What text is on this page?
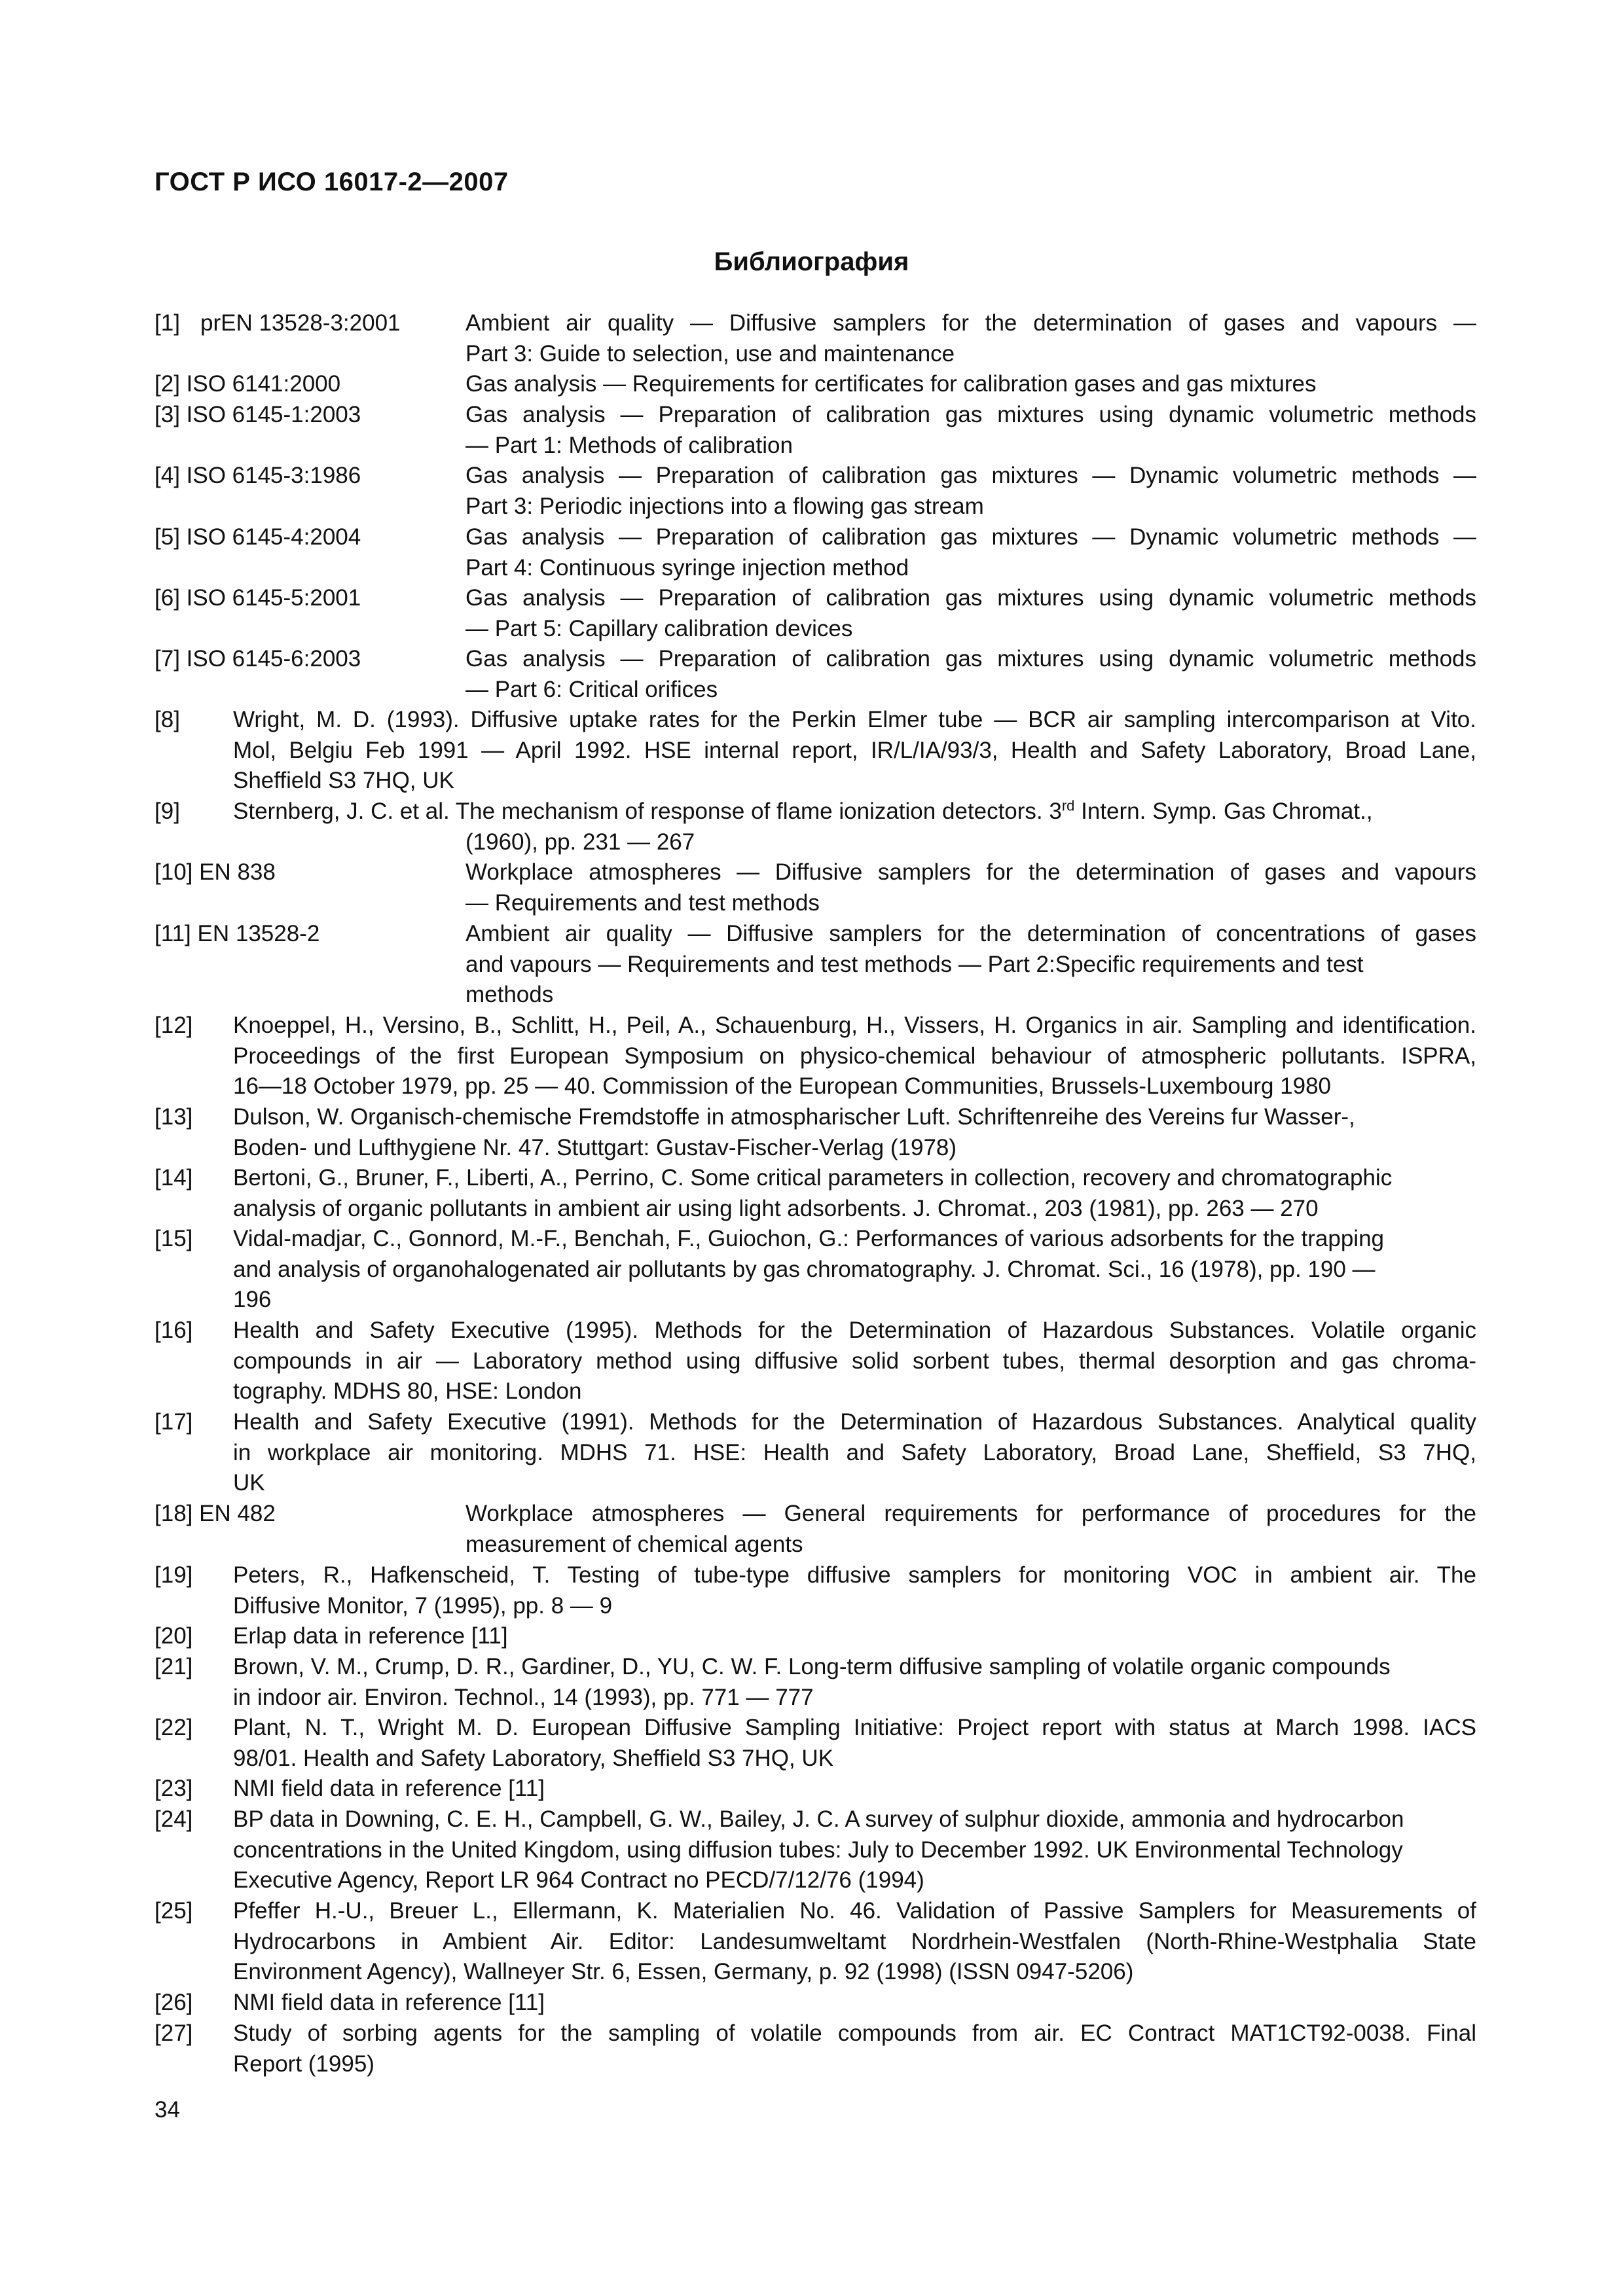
ГОСТ Р ИСО 16017-2—2007
Библиография
[1] prEN 13528-3:2001	Ambient air quality — Diffusive samplers for the determination of gases and vapours —
Part 3: Guide to selection, use and maintenance
[2] ISO 6141:2000	Gas analysis — Requirements for certificates for calibration gases and gas mixtures
[3] ISO 6145-1:2003	Gas analysis — Preparation of calibration gas mixtures using dynamic volumetric methods
— Part 1: Methods of calibration
[4] ISO 6145-3:1986	Gas analysis — Preparation of calibration gas mixtures — Dynamic volumetric methods —
Part 3: Periodic injections into a flowing gas stream
[5] ISO 6145-4:2004	Gas analysis — Preparation of calibration gas mixtures — Dynamic volumetric methods —
Part 4: Continuous syringe injection method
[6] ISO 6145-5:2001	Gas analysis — Preparation of calibration gas mixtures using dynamic volumetric methods
— Part 5: Capillary calibration devices
[7] ISO 6145-6:2003	Gas analysis — Preparation of calibration gas mixtures using dynamic volumetric methods
— Part 6: Critical orifices
[8] Wright, M. D. (1993). Diffusive uptake rates for the Perkin Elmer tube — BCR air sampling intercomparison at Vito.
Mol, Belgiu Feb 1991 — April 1992. HSE internal report, IR/L/IA/93/3, Health and Safety Laboratory, Broad Lane,
Sheffield S3 7HQ, UK
[9] Sternberg, J. C. et al. The mechanism of response of flame ionization detectors. 3rd Intern. Symp. Gas Chromat.,
(1960), pp. 231 — 267
[10] EN 838	Workplace atmospheres — Diffusive samplers for the determination of gases and vapours
— Requirements and test methods
[11] EN 13528-2	Ambient air quality — Diffusive samplers for the determination of concentrations of gases
and vapours — Requirements and test methods — Part 2:Specific requirements and test
methods
[12] Knoeppel, H., Versino, B., Schlitt, H., Peil, A., Schauenburg, H., Vissers, H. Organics in air. Sampling and identification.
Proceedings of the first European Symposium on physico-chemical behaviour of atmospheric pollutants. ISPRA,
16—18 October 1979, pp. 25 — 40. Commission of the European Communities, Brussels-Luxembourg 1980
[13] Dulson, W. Organisch-chemische Fremdstoffe in atmospharischer Luft. Schriftenreihe des Vereins fur Wasser-,
Boden- und Lufthygiene Nr. 47. Stuttgart: Gustav-Fischer-Verlag (1978)
[14] Bertoni, G., Bruner, F., Liberti, A., Perrino, C. Some critical parameters in collection, recovery and chromatographic
analysis of organic pollutants in ambient air using light adsorbents. J. Chromat., 203 (1981), pp. 263 — 270
[15] Vidal-madjar, C., Gonnord, M.-F., Benchah, F., Guiochon, G.: Performances of various adsorbents for the trapping
and analysis of organohalogenated air pollutants by gas chromatography. J. Chromat. Sci., 16 (1978), pp. 190 —
196
[16] Health and Safety Executive (1995). Methods for the Determination of Hazardous Substances. Volatile organic
compounds in air — Laboratory method using diffusive solid sorbent tubes, thermal desorption and gas chroma-
tography. MDHS 80, HSE: London
[17] Health and Safety Executive (1991). Methods for the Determination of Hazardous Substances. Analytical quality
in workplace air monitoring. MDHS 71. HSE: Health and Safety Laboratory, Broad Lane, Sheffield, S3 7HQ,
UK
[18] EN 482	Workplace atmospheres — General requirements for performance of procedures for the
measurement of chemical agents
[19] Peters, R., Hafkenscheid, T. Testing of tube-type diffusive samplers for monitoring VOC in ambient air. The
Diffusive Monitor, 7 (1995), pp. 8 — 9
[20] Erlap data in reference [11]
[21] Brown, V. M., Crump, D. R., Gardiner, D., YU, C. W. F. Long-term diffusive sampling of volatile organic compounds
in indoor air. Environ. Technol., 14 (1993), pp. 771 — 777
[22] Plant, N. T., Wright M. D. European Diffusive Sampling Initiative: Project report with status at March 1998. IACS
98/01. Health and Safety Laboratory, Sheffield S3 7HQ, UK
[23] NMI field data in reference [11]
[24] BP data in Downing, C. E. H., Campbell, G. W., Bailey, J. C. A survey of sulphur dioxide, ammonia and hydrocarbon
concentrations in the United Kingdom, using diffusion tubes: July to December 1992. UK Environmental Technology
Executive Agency, Report LR 964 Contract no PECD/7/12/76 (1994)
[25] Pfeffer H.-U., Breuer L., Ellermann, K. Materialien No. 46. Validation of Passive Samplers for Measurements of
Hydrocarbons in Ambient Air. Editor: Landesumweltamt Nordrhein-Westfalen (North-Rhine-Westphalia State
Environment Agency), Wallneyer Str. 6, Essen, Germany, p. 92 (1998) (ISSN 0947-5206)
[26] NMI field data in reference [11]
[27] Study of sorbing agents for the sampling of volatile compounds from air. EC Contract MAT1CT92-0038. Final
Report (1995)
34
